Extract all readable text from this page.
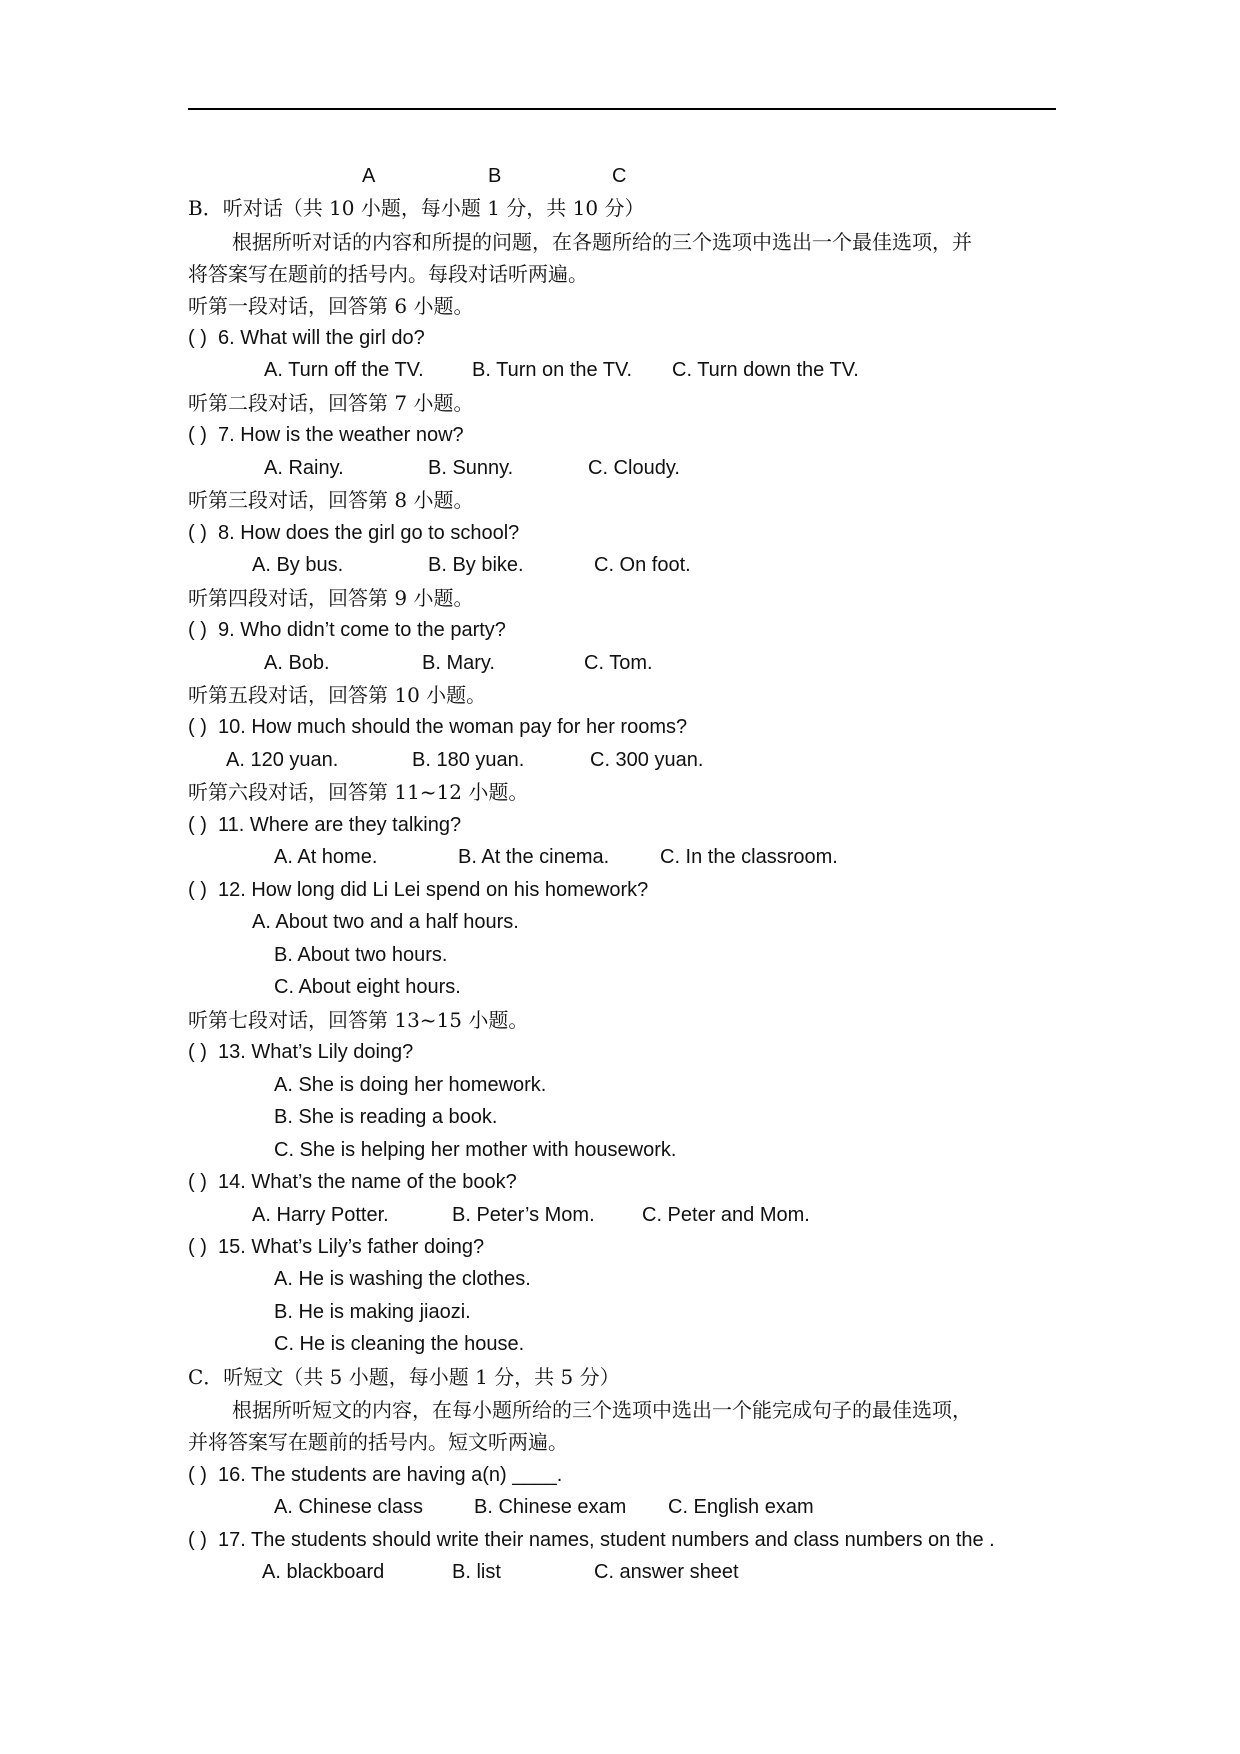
A	B	C
B．听对话（共 10 小题，每小题 1 分，共 10 分）
根据所听对话的内容和所提的问题，在各题所给的三个选项中选出一个最佳选项，并
将答案写在题前的括号内。每段对话听两遍。
听第一段对话，回答第 6 小题。
( ) 6. What will the girl do?
A. Turn off the TV. B. Turn on the TV. C. Turn down the TV.
听第二段对话，回答第 7 小题。
( ) 7. How is the weather now?
A. Rainy.	B. Sunny.	C. Cloudy.
听第三段对话，回答第 8 小题。
( ) 8. How does the girl go to school?
A. By bus.	B. By bike.	C. On foot.
听第四段对话，回答第 9 小题。
( ) 9. Who didn’t come to the party?
A. Bob.	B. Mary.	C. Tom.
听第五段对话，回答第 10 小题。
( ) 10. How much should the woman pay for her rooms?
A. 120 yuan.	B. 180 yuan.	C. 300 yuan.
听第六段对话，回答第 11~12 小题。
( ) 11. Where are they talking?
A. At home.	B. At the cinema.	C. In the classroom.
( ) 12. How long did Li Lei spend on his homework?
A. About two and a half hours.
B. About two hours.
C. About eight hours.
听第七段对话，回答第 13~15 小题。
( ) 13. What’s Lily doing?
A. She is doing her homework.
B. She is reading a book.
C. She is helping her mother with housework.
( ) 14. What’s the name of the book?
A. Harry Potter.	B. Peter’s Mom. C. Peter and Mom.
( ) 15. What’s Lily’s father doing?
A. He is washing the clothes.
B. He is making jiaozi.
C. He is cleaning the house.
C．听短文（共 5 小题，每小题 1 分，共 5 分）
根据所听短文的内容，在每小题所给的三个选项中选出一个能完成句子的最佳选项，
并将答案写在题前的括号内。短文听两遍。
( ) 16. The students are having a(n) ____.
A. Chinese class	B. Chinese exam C. English exam
( ) 17. The students should write their names, student numbers and class numbers on the .
A. blackboard	B. list	C. answer sheet
